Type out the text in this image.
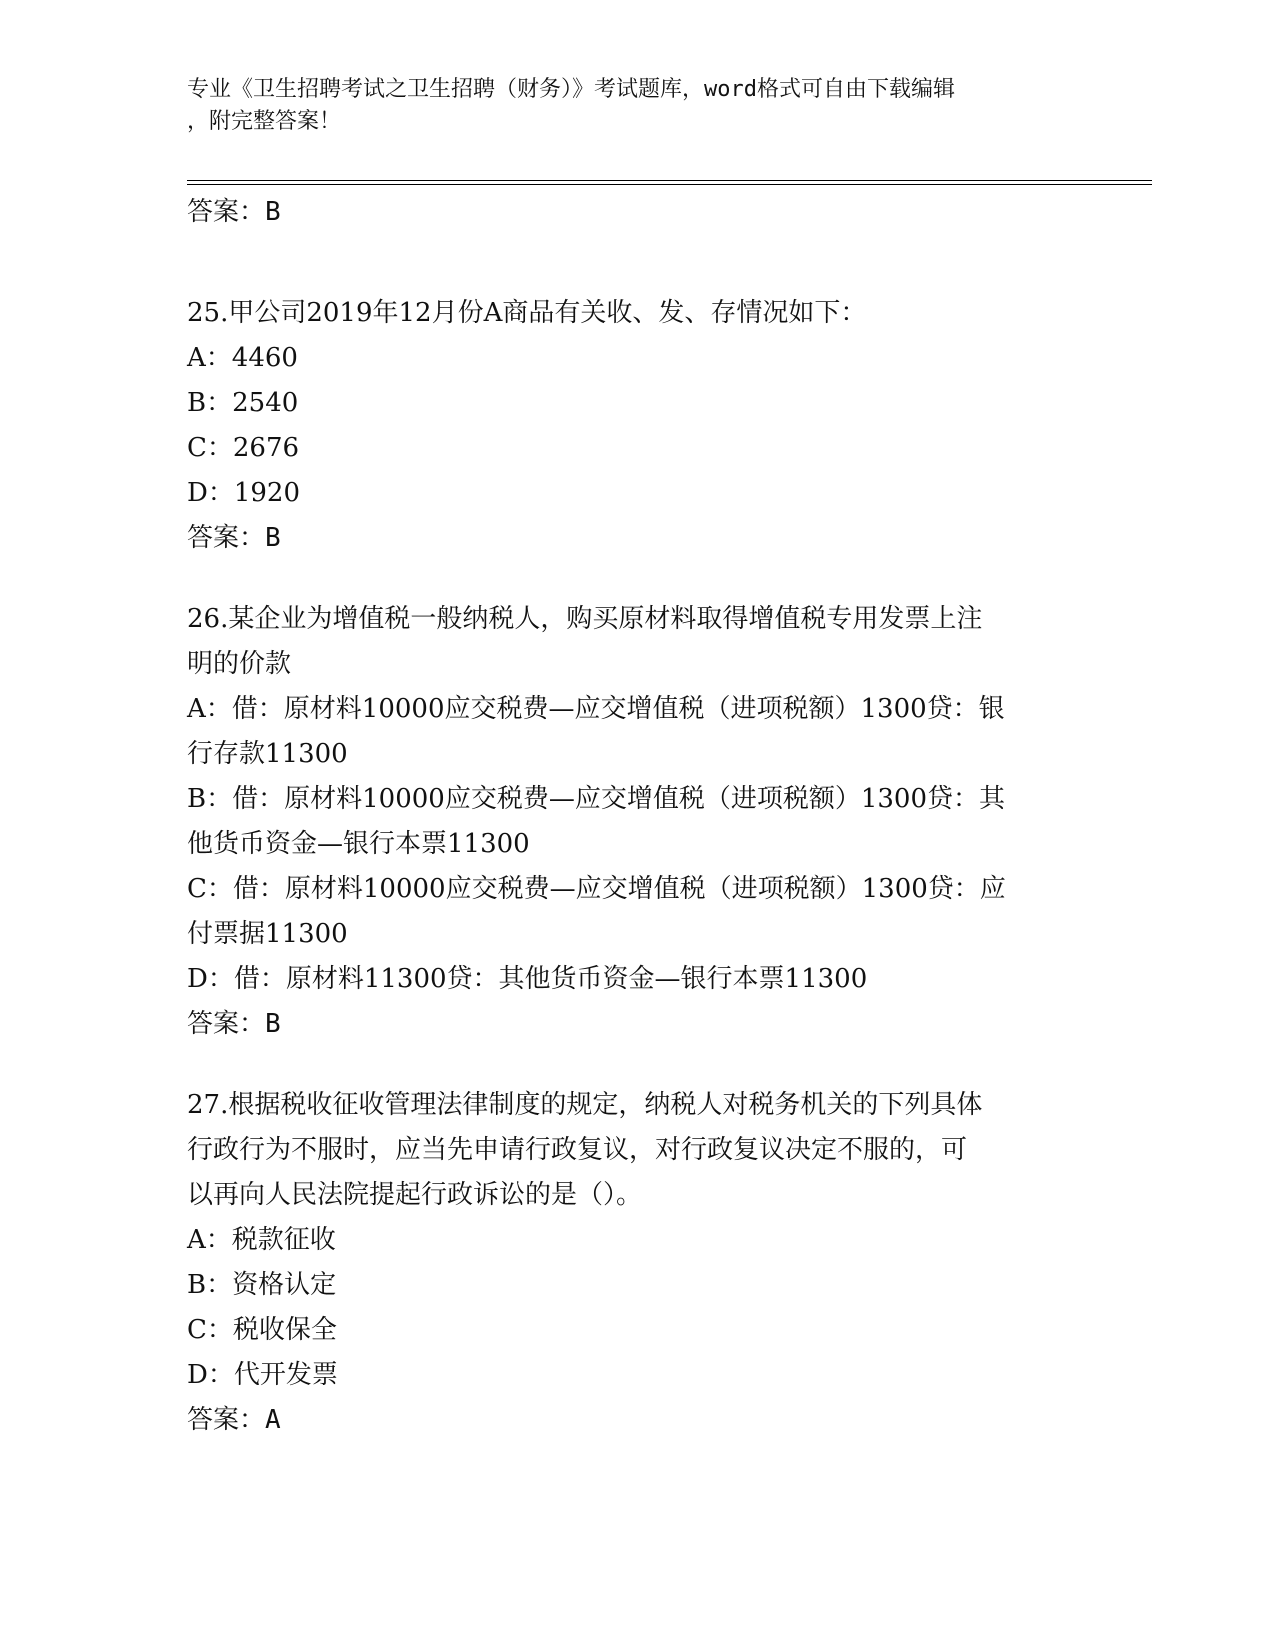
专业《卫生招聘考试之卫生招聘（财务）》考试题库，word格式可自由下载编辑
，附完整答案！

答案：B

25.甲公司2019年12月份A商品有关收、发、存情况如下：

A：4460

B：2540

C：2676

D：1920

答案：B

26.某企业为增值税一般纳税人，购买原材料取得增值税专用发票上注
明的价款

A：借：原材料10000应交税费—应交增值税（进项税额）1300贷：银
行存款11300

B：借：原材料10000应交税费—应交增值税（进项税额）1300贷：其
他货币资金—银行本票11300

C：借：原材料10000应交税费—应交增值税（进项税额）1300贷：应
付票据11300

D：借：原材料11300贷：其他货币资金—银行本票11300

答案：B

27.根据税收征收管理法律制度的规定，纳税人对税务机关的下列具体
行政行为不服时，应当先申请行政复议，对行政复议决定不服的，可
以再向人民法院提起行政诉讼的是（）。

A：税款征收

B：资格认定

C：税收保全

D：代开发票

答案：A
